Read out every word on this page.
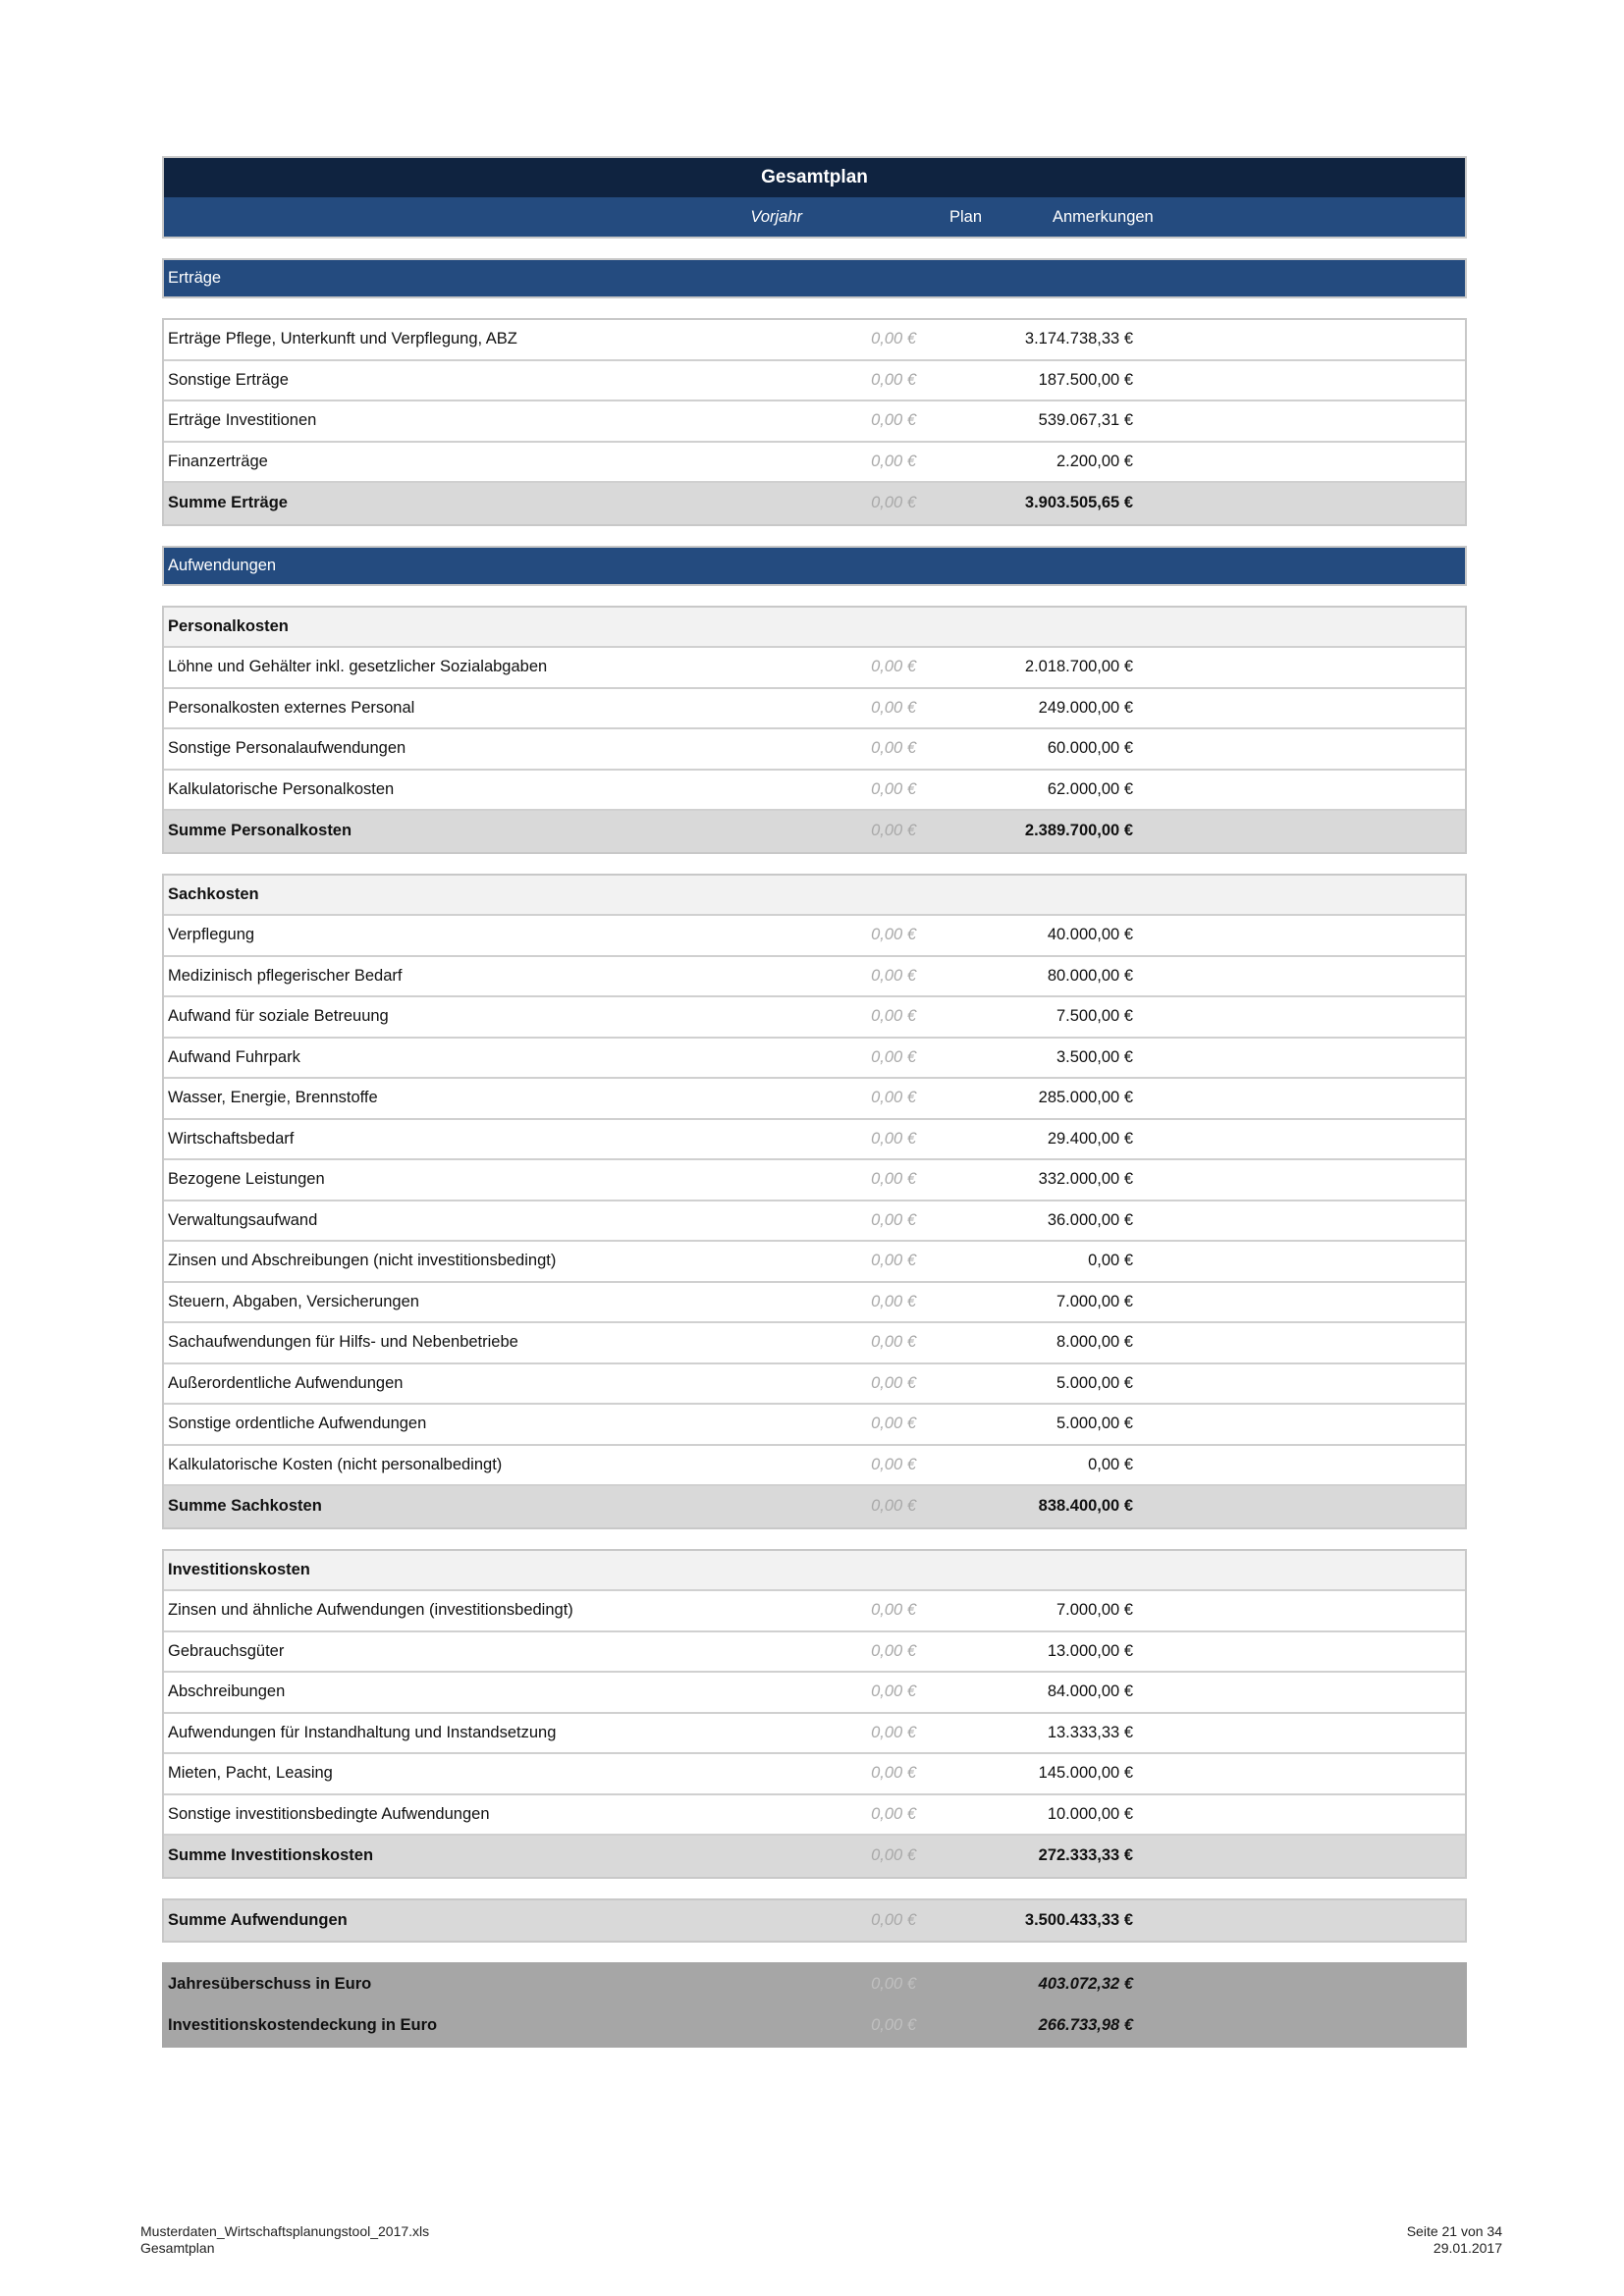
Gesamtplan
Vorjahr	Plan	Anmerkungen
Erträge
Erträge Pflege, Unterkunft und Verpflegung, ABZ	0,00 €	3.174.738,33 €
Sonstige Erträge	0,00 €	187.500,00 €
Erträge Investitionen	0,00 €	539.067,31 €
Finanzerträge	0,00 €	2.200,00 €
Summe Erträge	0,00 €	3.903.505,65 €
Aufwendungen
Personalkosten
Löhne und Gehälter inkl. gesetzlicher Sozialabgaben	0,00 €	2.018.700,00 €
Personalkosten externes Personal	0,00 €	249.000,00 €
Sonstige Personalaufwendungen	0,00 €	60.000,00 €
Kalkulatorische Personalkosten	0,00 €	62.000,00 €
Summe Personalkosten	0,00 €	2.389.700,00 €
Sachkosten
Verpflegung	0,00 €	40.000,00 €
Medizinisch pflegerischer Bedarf	0,00 €	80.000,00 €
Aufwand für soziale Betreuung	0,00 €	7.500,00 €
Aufwand Fuhrpark	0,00 €	3.500,00 €
Wasser, Energie, Brennstoffe	0,00 €	285.000,00 €
Wirtschaftsbedarf	0,00 €	29.400,00 €
Bezogene Leistungen	0,00 €	332.000,00 €
Verwaltungsaufwand	0,00 €	36.000,00 €
Zinsen und Abschreibungen (nicht investitionsbedingt)	0,00 €	0,00 €
Steuern, Abgaben, Versicherungen	0,00 €	7.000,00 €
Sachaufwendungen für Hilfs- und Nebenbetriebe	0,00 €	8.000,00 €
Außerordentliche Aufwendungen	0,00 €	5.000,00 €
Sonstige ordentliche Aufwendungen	0,00 €	5.000,00 €
Kalkulatorische Kosten (nicht personalbedingt)	0,00 €	0,00 €
Summe Sachkosten	0,00 €	838.400,00 €
Investitionskosten
Zinsen und ähnliche Aufwendungen (investitionsbedingt)	0,00 €	7.000,00 €
Gebrauchsgüter	0,00 €	13.000,00 €
Abschreibungen	0,00 €	84.000,00 €
Aufwendungen für Instandhaltung und Instandsetzung	0,00 €	13.333,33 €
Mieten, Pacht, Leasing	0,00 €	145.000,00 €
Sonstige investitionsbedingte Aufwendungen	0,00 €	10.000,00 €
Summe Investitionskosten	0,00 €	272.333,33 €
Summe Aufwendungen	0,00 €	3.500.433,33 €
Jahresüberschuss in Euro	0,00 €	403.072,32 €
Investitionskostendeckung in Euro	0,00 €	266.733,98 €
Musterdaten_Wirtschaftsplanungstool_2017.xls
Gesamtplan
Seite 21 von 34
29.01.2017
